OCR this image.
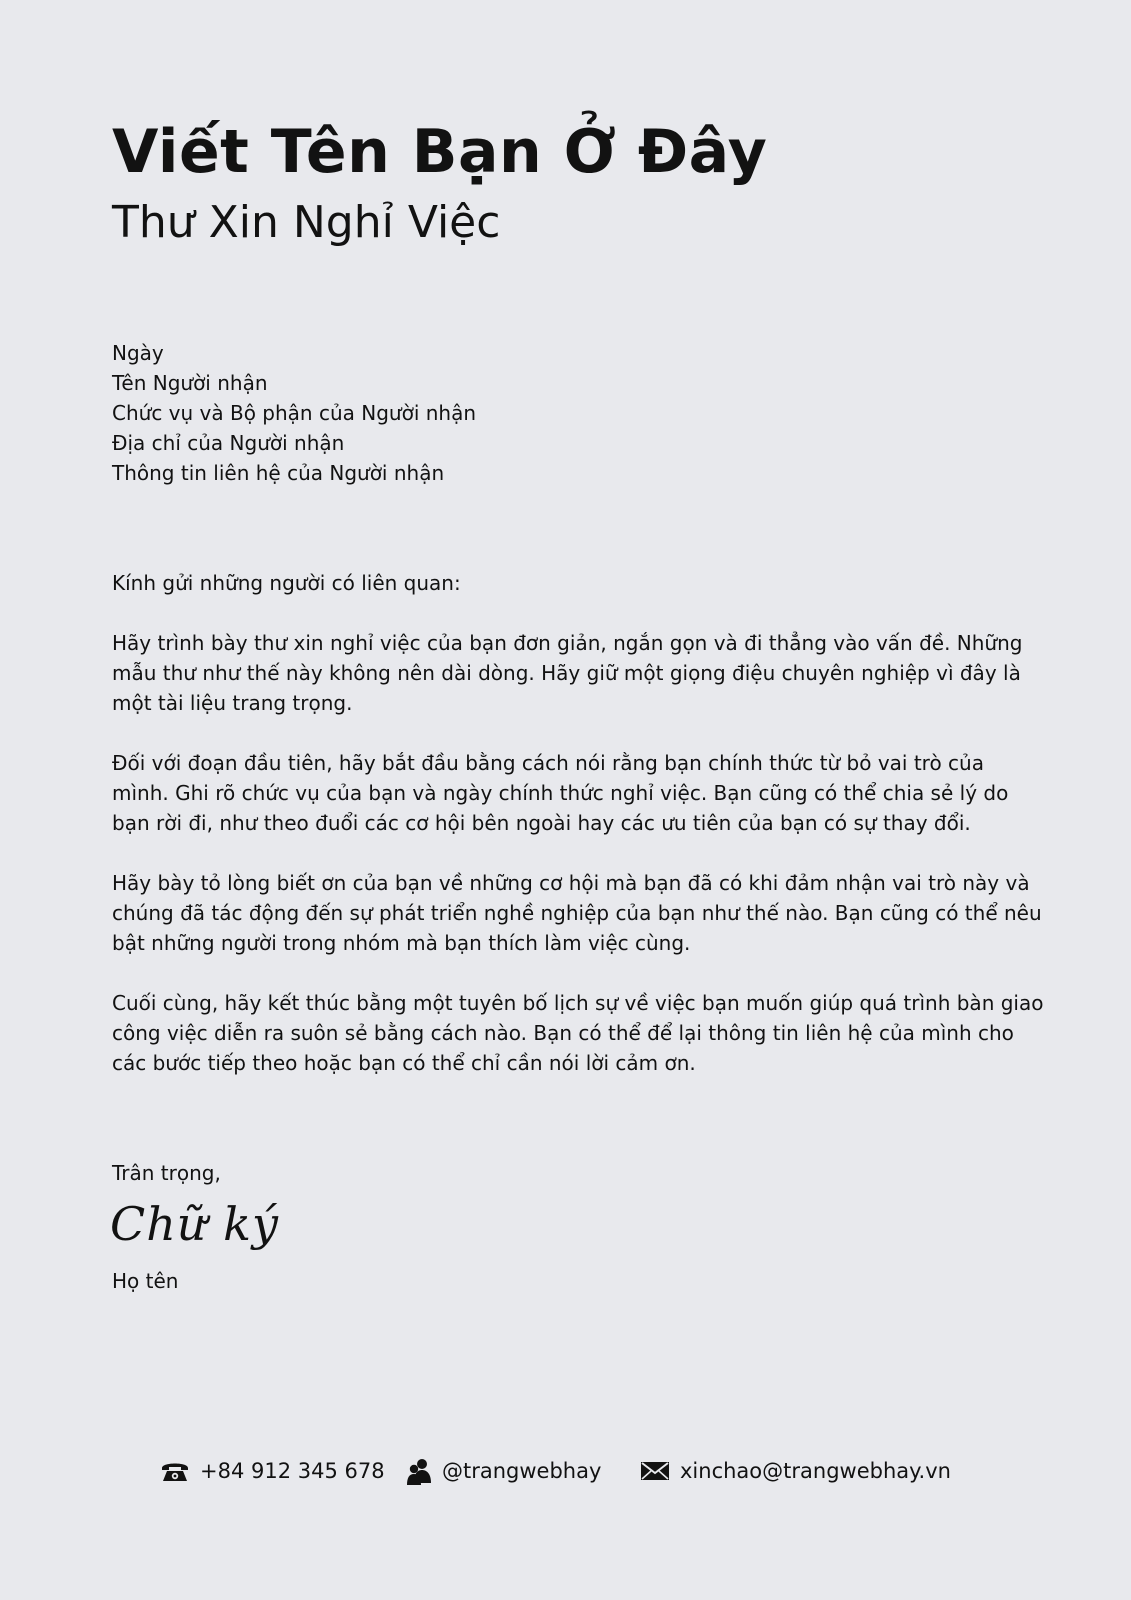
Viết Tên Bạn Ở Đây
Thư Xin Nghỉ Việc
Ngày
Tên Người nhận
Chức vụ và Bộ phận của Người nhận
Địa chỉ của Người nhận
Thông tin liên hệ của Người nhận

Kính gửi những người có liên quan:

Hãy trình bày thư xin nghỉ việc của bạn đơn giản, ngắn gọn và đi thẳng vào vấn đề. Những

mẫu thư như thế này không nên dài dòng. Hãy giữ một giọng điệu chuyên nghiệp vì đây là

một tài liệu trang trọng.

Đối với đoạn đầu tiên, hãy bắt đầu bằng cách nói rằng bạn chính thức từ bỏ vai trò của

mình. Ghi rõ chức vụ của bạn và ngày chính thức nghỉ việc. Bạn cũng có thể chia sẻ lý do

bạn rời đi, như theo đuổi các cơ hội bên ngoài hay các ưu tiên của bạn có sự thay đổi.

Hãy bày tỏ lòng biết ơn của bạn về những cơ hội mà bạn đã có khi đảm nhận vai trò này và

chúng đã tác động đến sự phát triển nghề nghiệp của bạn như thế nào. Bạn cũng có thể nêu

bật những người trong nhóm mà bạn thích làm việc cùng.

Cuối cùng, hãy kết thúc bằng một tuyên bố lịch sự về việc bạn muốn giúp quá trình bàn giao

công việc diễn ra suôn sẻ bằng cách nào. Bạn có thể để lại thông tin liên hệ của mình cho

các bước tiếp theo hoặc bạn có thể chỉ cần nói lời cảm ơn.

Trân trọng,
Chữ ký
Họ tên
+84 912 345 678	@trangwebhay	xinchao@trangwebhay.vn
